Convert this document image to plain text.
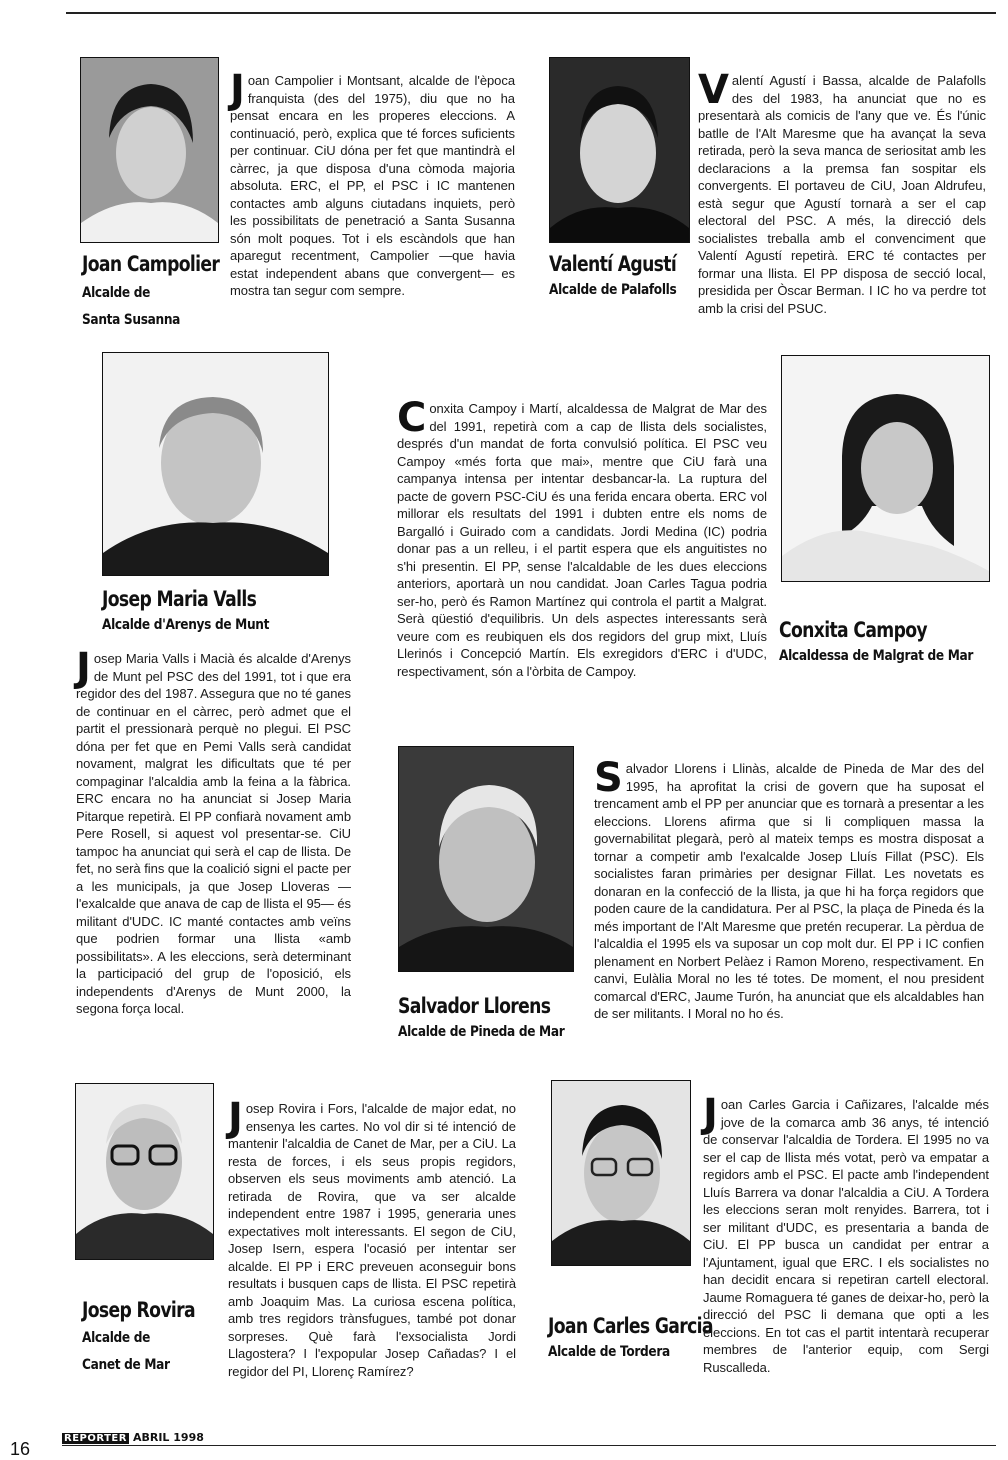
Joan Campolier
Alcalde de
Santa Susanna
Joan Campolier i Montsant, alcalde de l'època franquista (des del 1975), diu que no ha pensat encara en les properes eleccions. A continuació, però, explica que té forces suficients per continuar. CiU dóna per fet que mantindrà el càrrec, ja que disposa d'una còmoda majoria absoluta. ERC, el PP, el PSC i IC mantenen contactes amb alguns ciutadans inquiets, però les possibilitats de penetració a Santa Susanna són molt poques. Tot i els escàndols que han aparegut recentment, Campolier —que havia estat independent abans que convergent— es mostra tan segur com sempre.
Valentí Agustí
Alcalde de Palafolls
Valentí Agustí i Bassa, alcalde de Palafolls des del 1983, ha anunciat que no es presentarà als comicis de l'any que ve. És l'únic batlle de l'Alt Maresme que ha avançat la seva retirada, però la seva manca de seriositat amb les declaracions a la premsa fan sospitar els convergents. El portaveu de CiU, Joan Aldrufeu, està segur que Agustí tornarà a ser el cap electoral del PSC. A més, la direcció dels socialistes treballa amb el convenciment que Valentí Agustí repetirà. ERC té contactes per formar una llista. El PP disposa de secció local, presidida per Òscar Berman. I IC ho va perdre tot amb la crisi del PSUC.
Josep Maria Valls
Alcalde d'Arenys de Munt
Josep Maria Valls i Macià és alcalde d'Arenys de Munt pel PSC des del 1991, tot i que era regidor des del 1987. Assegura que no té ganes de continuar en el càrrec, però admet que el partit el pressionarà perquè no plegui. El PSC dóna per fet que en Pemi Valls serà candidat novament, malgrat les dificultats que té per compaginar l'alcaldia amb la feina a la fàbrica. ERC encara no ha anunciat si Josep Maria Pitarque repetirà. El PP confiarà novament amb Pere Rosell, si aquest vol presentar-se. CiU tampoc ha anunciat qui serà el cap de llista. De fet, no serà fins que la coalició signi el pacte per a les municipals, ja que Josep Lloveras —l'exalcalde que anava de cap de llista el 95— és militant d'UDC. IC manté contactes amb veïns que podrien formar una llista «amb possibilitats». A les eleccions, serà determinant la participació del grup de l'oposició, els independents d'Arenys de Munt 2000, la segona força local.
Conxita Campoy
Alcaldessa de Malgrat de Mar
Conxita Campoy i Martí, alcaldessa de Malgrat de Mar des del 1991, repetirà com a cap de llista dels socialistes, després d'un mandat de forta convulsió política. El PSC veu Campoy «més forta que mai», mentre que CiU farà una campanya intensa per intentar desbancar-la. La ruptura del pacte de govern PSC-CiU és una ferida encara oberta. ERC vol millorar els resultats del 1991 i dubten entre els noms de Bargalló i Guirado com a candidats. Jordi Medina (IC) podria donar pas a un relleu, i el partit espera que els anguitistes no s'hi presentin. El PP, sense l'alcaldable de les dues eleccions anteriors, aportarà un nou candidat. Joan Carles Tagua podria ser-ho, però és Ramon Martínez qui controla el partit a Malgrat. Serà qüestió d'equilibris. Un dels aspectes interessants serà veure com es reubiquen els dos regidors del grup mixt, Lluís Llerinós i Concepció Martín. Els exregidors d'ERC i d'UDC, respectivament, són a l'òrbita de Campoy.
Salvador Llorens
Alcalde de Pineda de Mar
Salvador Llorens i Llinàs, alcalde de Pineda de Mar des del 1995, ha aprofitat la crisi de govern que ha suposat el trencament amb el PP per anunciar que es tornarà a presentar a les eleccions. Llorens afirma que si li compliquen massa la governabilitat plegarà, però al mateix temps es mostra disposat a tornar a competir amb l'exalcalde Josep Lluís Fillat (PSC). Els socialistes faran primàries per designar Fillat. Les novetats es donaran en la confecció de la llista, ja que hi ha força regidors que poden caure de la candidatura. Per al PSC, la plaça de Pineda és la més important de l'Alt Maresme que pretén recuperar. La pèrdua de l'alcaldia el 1995 els va suposar un cop molt dur. El PP i IC confien plenament en Norbert Pelàez i Ramon Moreno, respectivament. En canvi, Eulàlia Moral no les té totes. De moment, el nou president comarcal d'ERC, Jaume Turón, ha anunciat que els alcaldables han de ser militants. I Moral no ho és.
Josep Rovira
Alcalde de
Canet de Mar
Josep Rovira i Fors, l'alcalde de major edat, no ensenya les cartes. No vol dir si té intenció de mantenir l'alcaldia de Canet de Mar, per a CiU. La resta de forces, i els seus propis regidors, observen els seus moviments amb atenció. La retirada de Rovira, que va ser alcalde independent entre 1987 i 1995, generaria unes expectatives molt interessants. El segon de CiU, Josep Isern, espera l'ocasió per intentar ser alcalde. El PP i ERC preveuen aconseguir bons resultats i busquen caps de llista. El PSC repetirà amb Joaquim Mas. La curiosa escena política, amb tres regidors trànsfugues, també pot donar sorpreses. Què farà l'exsocialista Jordi Llagostera? I l'expopular Josep Cañadas? I el regidor del PI, Llorenç Ramírez?
Joan Carles Garcia
Alcalde de Tordera
Joan Carles Garcia i Cañizares, l'alcalde més jove de la comarca amb 36 anys, té intenció de conservar l'alcaldia de Tordera. El 1995 no va ser el cap de llista més votat, però va empatar a regidors amb el PSC. El pacte amb l'independent Lluís Barrera va donar l'alcaldia a CiU. A Tordera les eleccions seran molt renyides. Barrera, tot i ser militant d'UDC, es presentaria a banda de CiU. El PP busca un candidat per entrar a l'Ajuntament, igual que ERC. I els socialistes no han decidit encara si repetiran cartell electoral. Jaume Romaguera té ganes de deixar-ho, però la direcció del PSC li demana que opti a les eleccions. En tot cas el partit intentarà recuperar membres de l'anterior equip, com Sergi Ruscalleda.
REPORTER ABRIL 1998
16
